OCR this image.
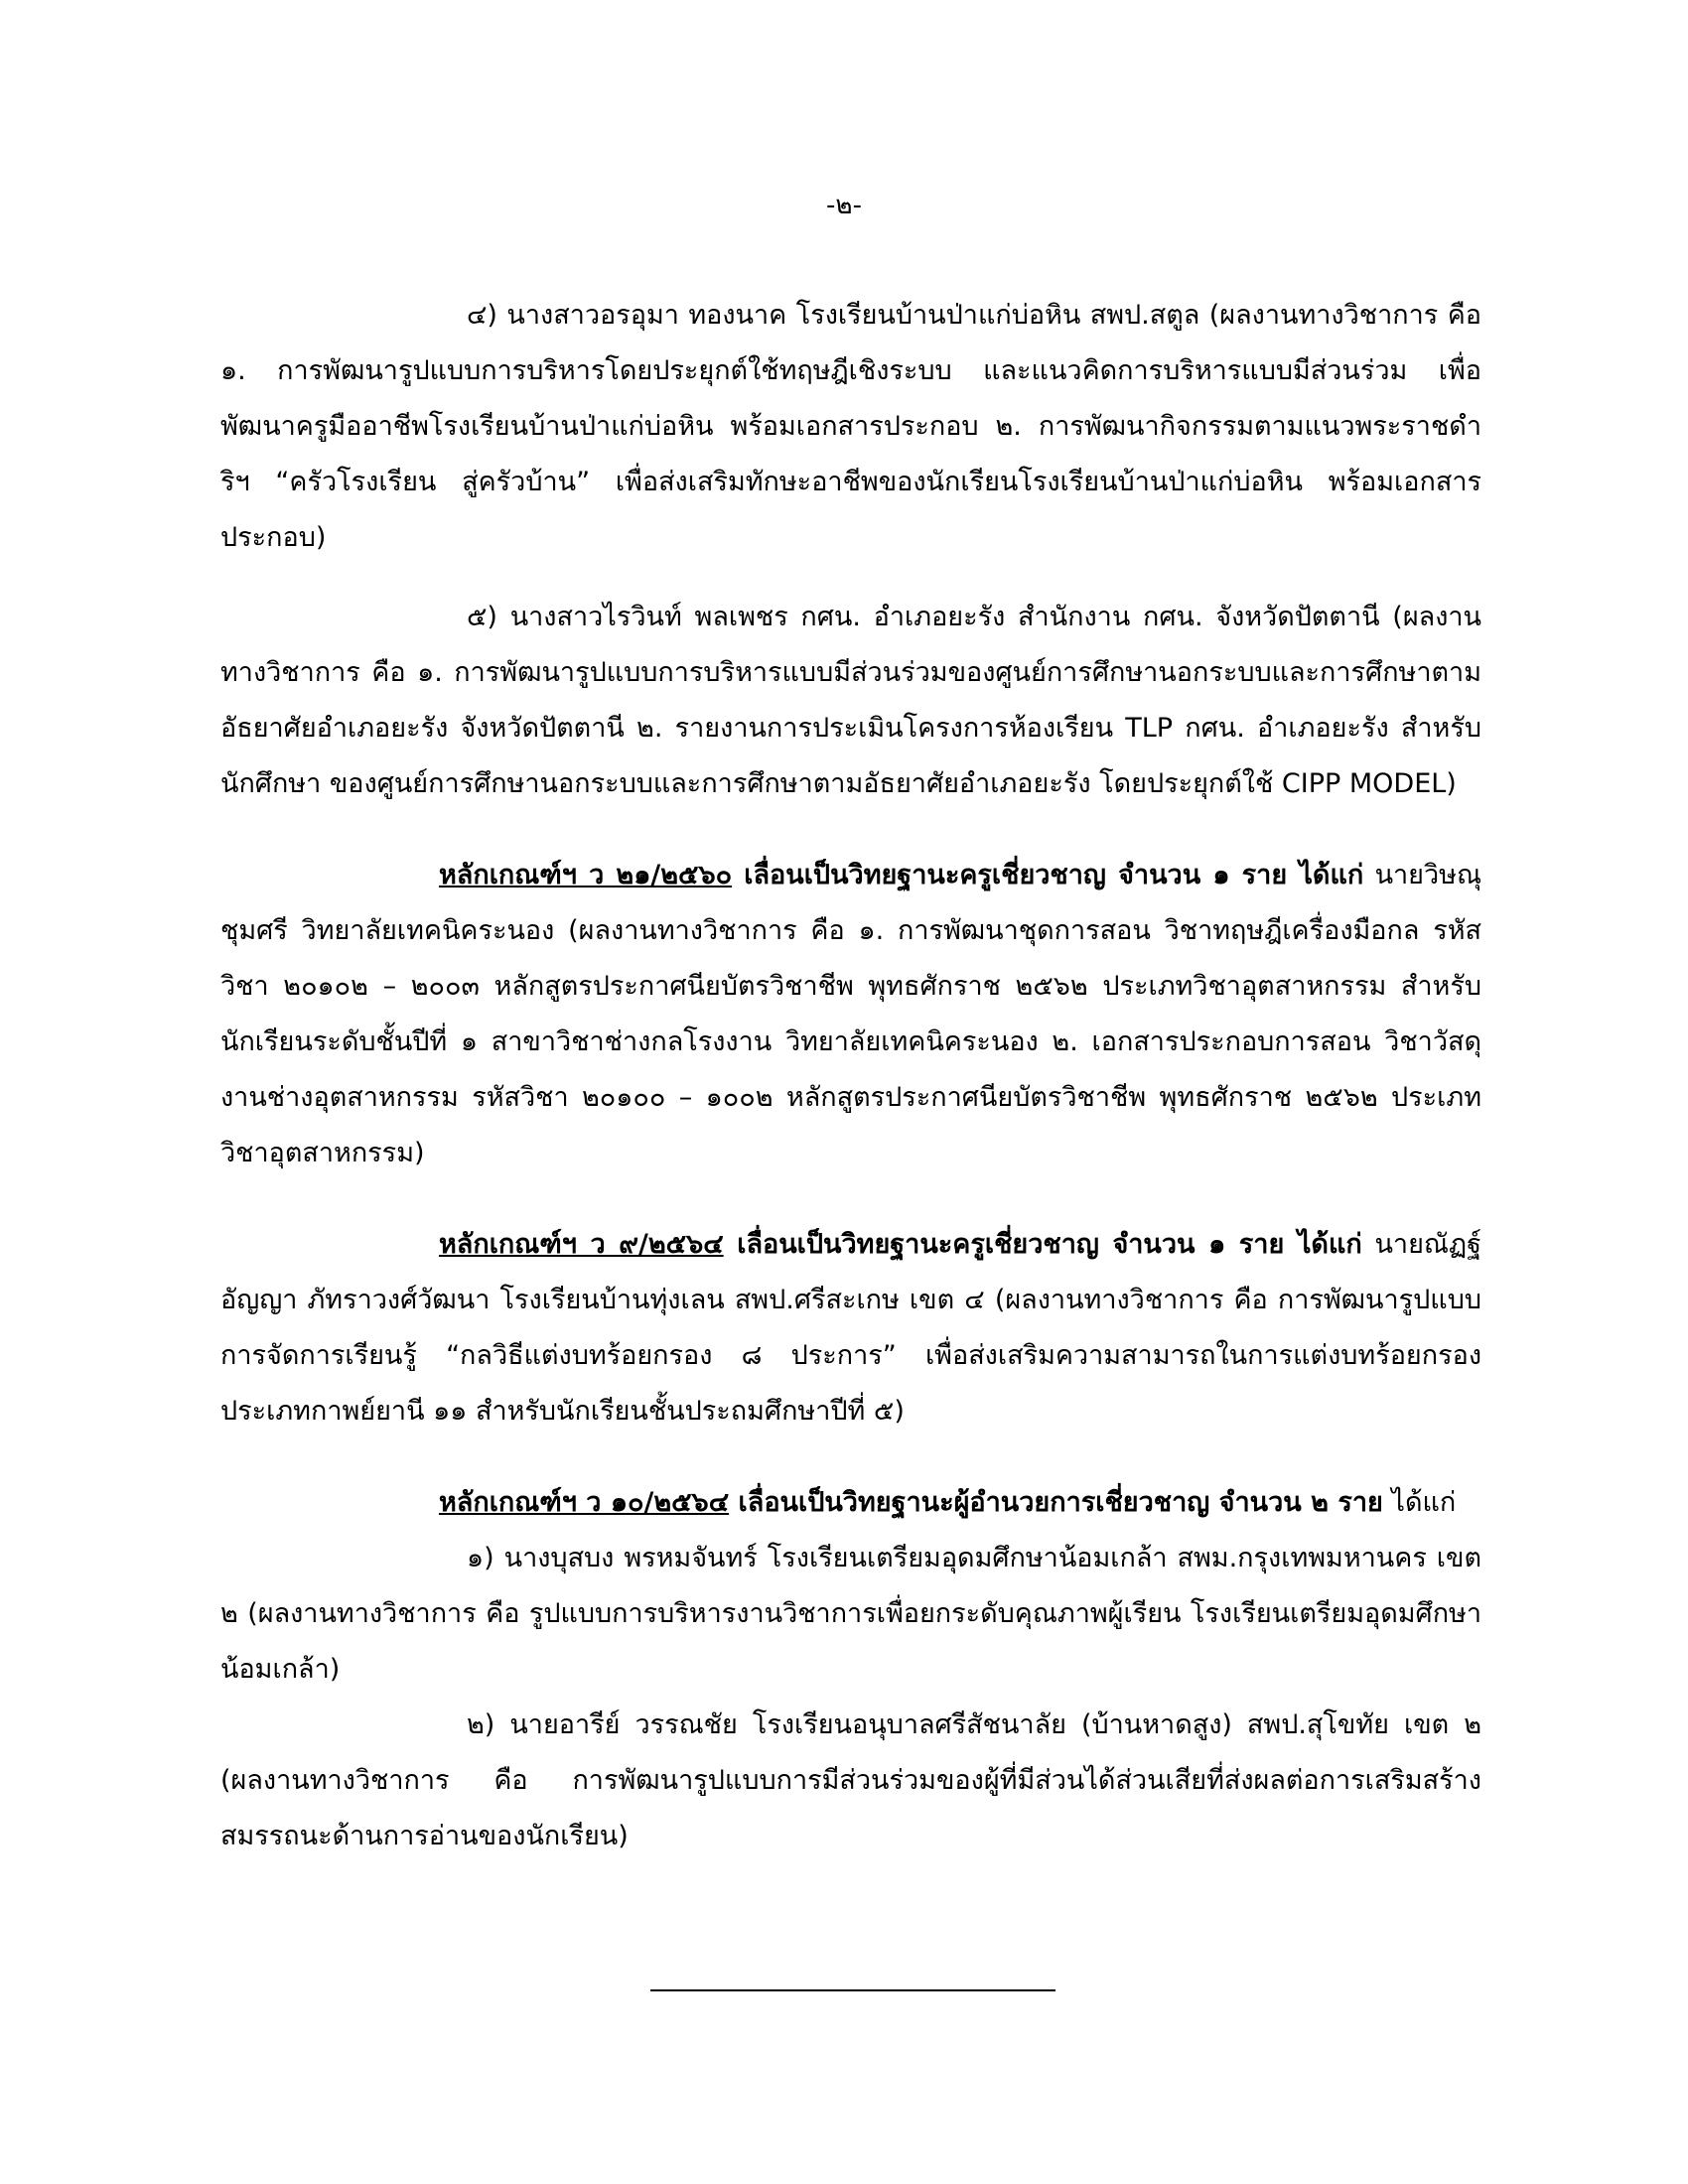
-๒-

๔) นางสาวอรอุมา ทองนาค โรงเรียนบ้านป่าแก่บ่อหิน สพป.สตูล (ผลงานทางวิชาการ คือ ๑. การพัฒนารูปแบบการบริหารโดยประยุกต์ใช้ทฤษฎีเชิงระบบ และแนวคิดการบริหารแบบมีส่วนร่วม เพื่อพัฒนาครูมืออาชีพโรงเรียนบ้านป่าแก่บ่อหิน พร้อมเอกสารประกอบ ๒. การพัฒนากิจกรรมตามแนวพระราชดำริฯ “ครัวโรงเรียน สู่ครัวบ้าน” เพื่อส่งเสริมทักษะอาชีพของนักเรียนโรงเรียนบ้านป่าแก่บ่อหิน พร้อมเอกสารประกอบ)

๕) นางสาวไรวินท์ พลเพชร กศน. อำเภอยะรัง สำนักงาน กศน. จังหวัดปัตตานี (ผลงานทางวิชาการ คือ ๑. การพัฒนารูปแบบการบริหารแบบมีส่วนร่วมของศูนย์การศึกษานอกระบบและการศึกษาตามอัธยาศัยอำเภอยะรัง จังหวัดปัตตานี ๒. รายงานการประเมินโครงการห้องเรียน TLP กศน. อำเภอยะรัง สำหรับนักศึกษา ของศูนย์การศึกษานอกระบบและการศึกษาตามอัธยาศัยอำเภอยะรัง โดยประยุกต์ใช้ CIPP MODEL)

หลักเกณฑ์ฯ ว ๒๑/๒๕๖๐ เลื่อนเป็นวิทยฐานะครูเชี่ยวชาญ จำนวน ๑ ราย ได้แก่ นายวิษณุ ชุมศรี วิทยาลัยเทคนิคระนอง (ผลงานทางวิชาการ คือ ๑. การพัฒนาชุดการสอน วิชาทฤษฎีเครื่องมือกล รหัสวิชา ๒๐๑๐๒ – ๒๐๐๓ หลักสูตรประกาศนียบัตรวิชาชีพ พุทธศักราช ๒๕๖๒ ประเภทวิชาอุตสาหกรรม สำหรับนักเรียนระดับชั้นปีที่ ๑ สาขาวิชาช่างกลโรงงาน วิทยาลัยเทคนิคระนอง ๒. เอกสารประกอบการสอน วิชาวัสดุงานช่างอุตสาหกรรม รหัสวิชา ๒๐๑๐๐ – ๑๐๐๒ หลักสูตรประกาศนียบัตรวิชาชีพ พุทธศักราช ๒๕๖๒ ประเภทวิชาอุตสาหกรรม)

หลักเกณฑ์ฯ ว ๙/๒๕๖๔ เลื่อนเป็นวิทยฐานะครูเชี่ยวชาญ จำนวน ๑ ราย ได้แก่ นายณัฏฐ์อัญญา ภัทราวงศ์วัฒนา โรงเรียนบ้านทุ่งเลน สพป.ศรีสะเกษ เขต ๔ (ผลงานทางวิชาการ คือ การพัฒนารูปแบบการจัดการเรียนรู้ “กลวิธีแต่งบทร้อยกรอง ๘ ประการ” เพื่อส่งเสริมความสามารถในการแต่งบทร้อยกรอง ประเภทกาพย์ยานี ๑๑ สำหรับนักเรียนชั้นประถมศึกษาปีที่ ๕)

หลักเกณฑ์ฯ ว ๑๐/๒๕๖๔ เลื่อนเป็นวิทยฐานะผู้อำนวยการเชี่ยวชาญ จำนวน ๒ ราย ได้แก่

๑) นางบุสบง พรหมจันทร์ โรงเรียนเตรียมอุดมศึกษาน้อมเกล้า สพม.กรุงเทพมหานคร เขต ๒ (ผลงานทางวิชาการ คือ รูปแบบการบริหารงานวิชาการเพื่อยกระดับคุณภาพผู้เรียน โรงเรียนเตรียมอุดมศึกษาน้อมเกล้า)

๒) นายอารีย์ วรรณชัย โรงเรียนอนุบาลศรีสัชนาลัย (บ้านหาดสูง) สพป.สุโขทัย เขต ๒ (ผลงานทางวิชาการ คือ การพัฒนารูปแบบการมีส่วนร่วมของผู้ที่มีส่วนได้ส่วนเสียที่ส่งผลต่อการเสริมสร้างสมรรถนะด้านการอ่านของนักเรียน)
